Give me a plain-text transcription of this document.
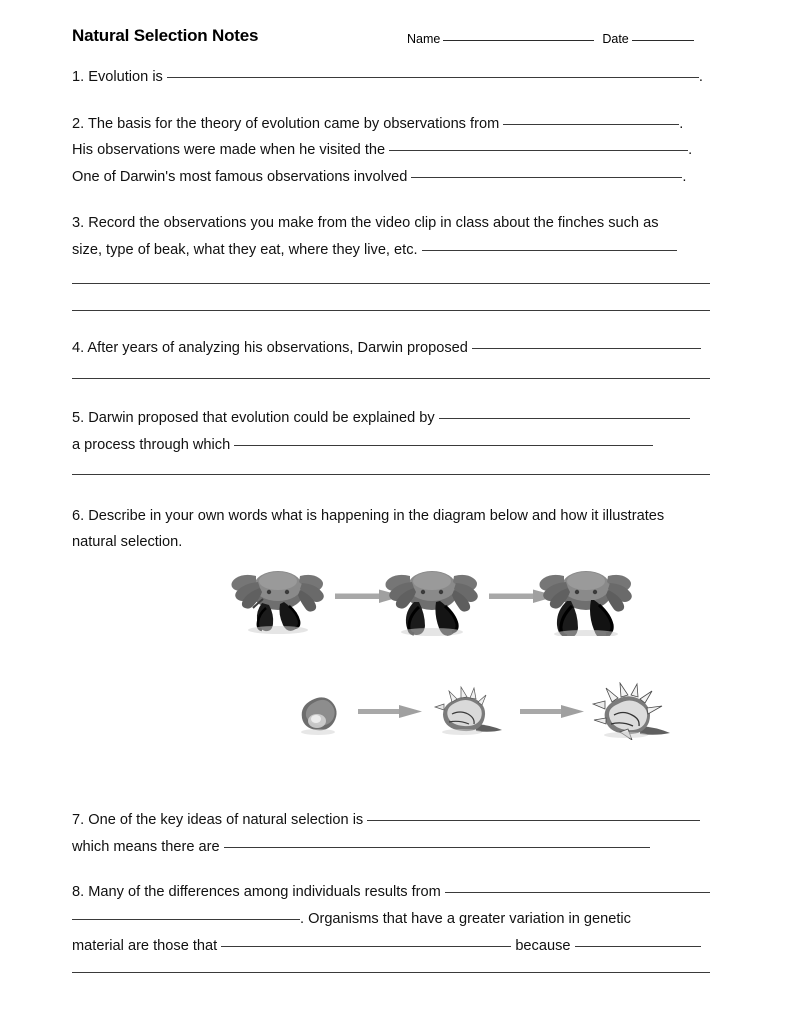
Natural Selection Notes	Name	Date
1. Evolution is	.
2. The basis for the theory of evolution came by observations from	.
His observations were made when he visited the	.
One of Darwin's most famous observations involved	.
3. Record the observations you make from the video clip in class about the finches such as
size, type of beak, what they eat, where they live, etc.
4. After years of analyzing his observations, Darwin proposed
5. Darwin proposed that evolution could be explained by
a process through which
6. Describe in your own words what is happening in the diagram below and how it illustrates
natural selection.
7. One of the key ideas of natural selection is
which means there are
8. Many of the differences among individuals results from
. Organisms that have a greater variation in genetic
material are those that	because
